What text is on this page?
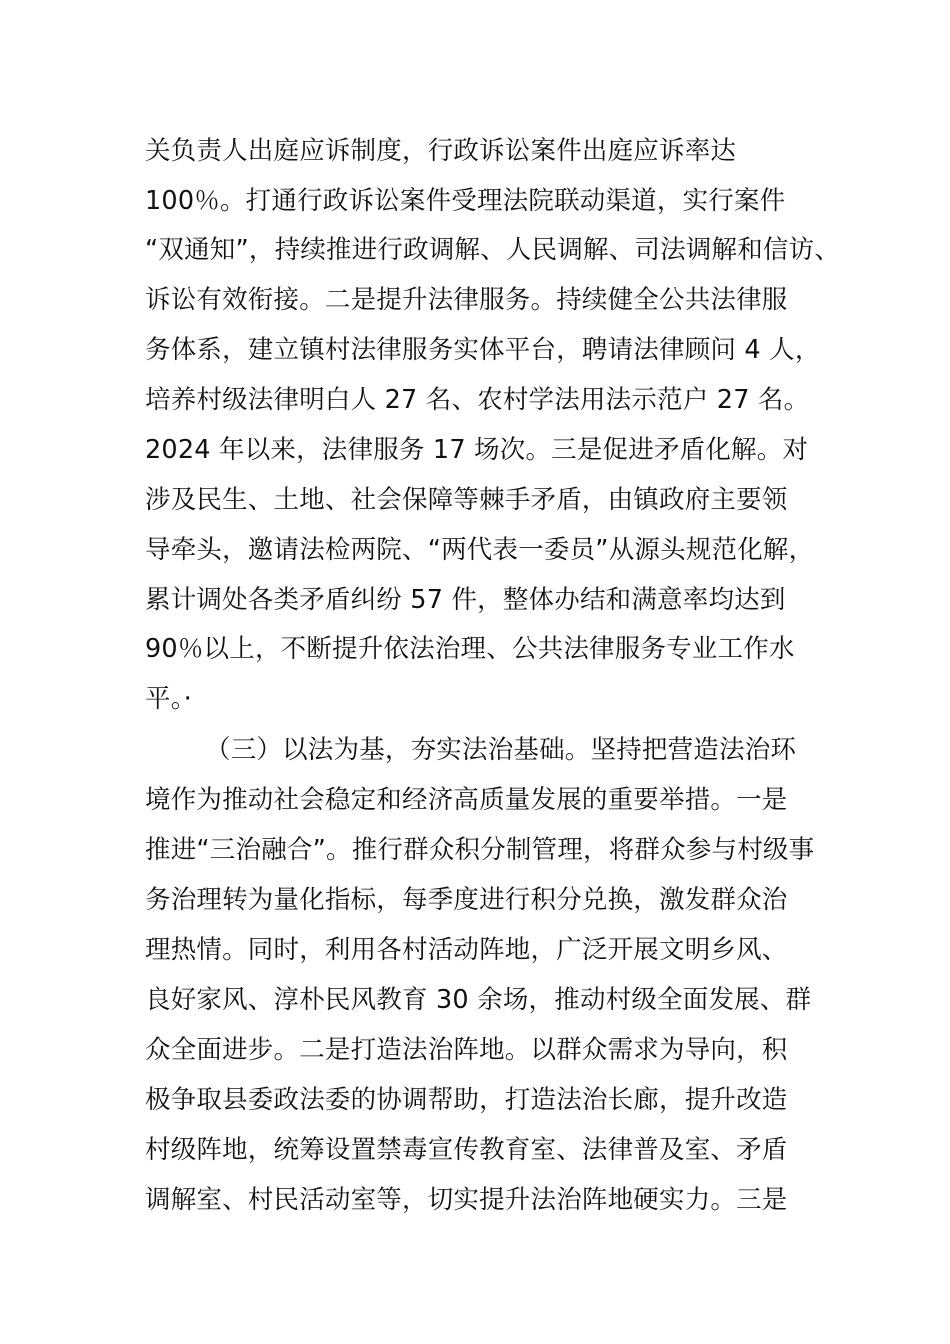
关负责人出庭应诉制度，行政诉讼案件出庭应诉率达
100％。打通行政诉讼案件受理法院联动渠道，实行案件
“双通知”，持续推进行政调解、人民调解、司法调解和信访、
诉讼有效衔接。二是提升法律服务。持续健全公共法律服
务体系，建立镇村法律服务实体平台，聘请法律顾问 4 人，
培养村级法律明白人 27 名、农村学法用法示范户 27 名。
2024 年以来，法律服务 17 场次。三是促进矛盾化解。对
涉及民生、土地、社会保障等棘手矛盾，由镇政府主要领
导牵头，邀请法检两院、“两代表一委员”从源头规范化解，
累计调处各类矛盾纠纷 57 件，整体办结和满意率均达到
90％以上，不断提升依法治理、公共法律服务专业工作水
平。·
（三）以法为基，夯实法治基础。坚持把营造法治环
境作为推动社会稳定和经济高质量发展的重要举措。一是
推进“三治融合”。推行群众积分制管理，将群众参与村级事
务治理转为量化指标，每季度进行积分兑换，激发群众治
理热情。同时，利用各村活动阵地，广泛开展文明乡风、
良好家风、淳朴民风教育 30 余场，推动村级全面发展、群
众全面进步。二是打造法治阵地。以群众需求为导向，积
极争取县委政法委的协调帮助，打造法治长廊，提升改造
村级阵地，统筹设置禁毒宣传教育室、法律普及室、矛盾
调解室、村民活动室等，切实提升法治阵地硬实力。三是
